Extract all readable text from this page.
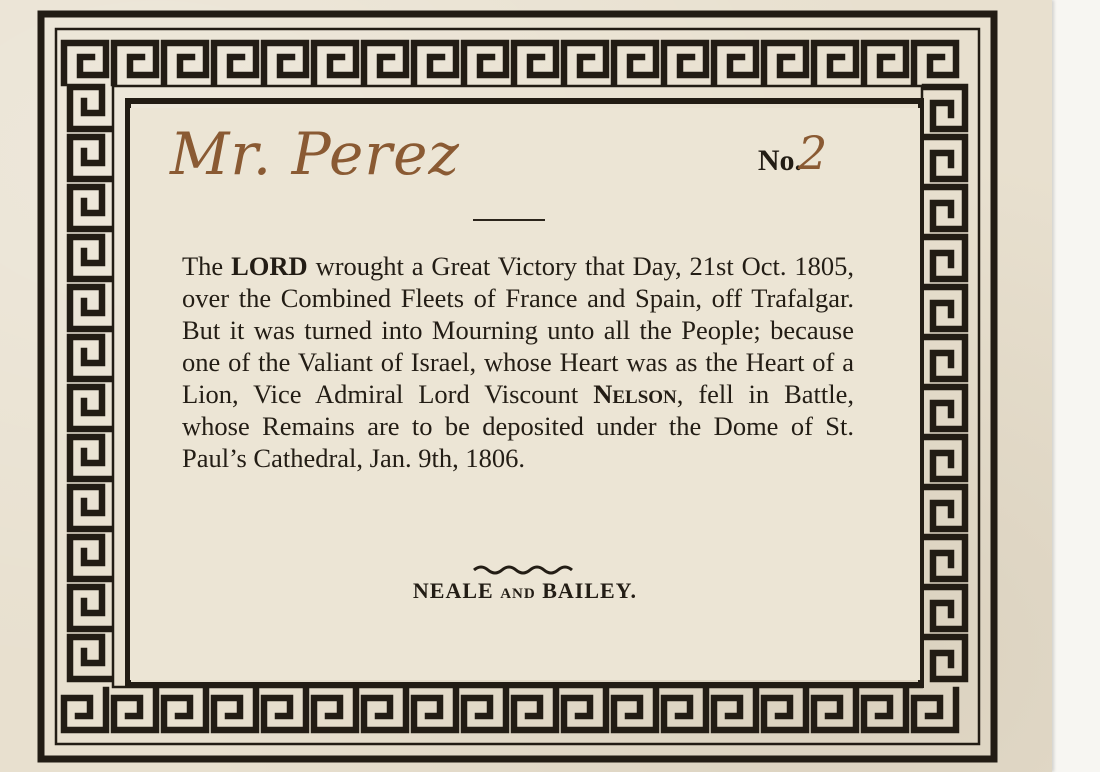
Mr. Perez	No.
2
The LORD wrought a Great Victory that Day, 21st Oct. 1805, over the Combined Fleets of France and Spain, off Trafalgar. But it was turned into Mourning unto all the People; because one of the Valiant of Israel, whose Heart was as the Heart of a Lion, Vice Admiral Lord Viscount Nelson, fell in Battle, whose Remains are to be deposited under the Dome of St. Paul’s Cathedral, Jan. 9th, 1806.
NEALE and BAILEY.
